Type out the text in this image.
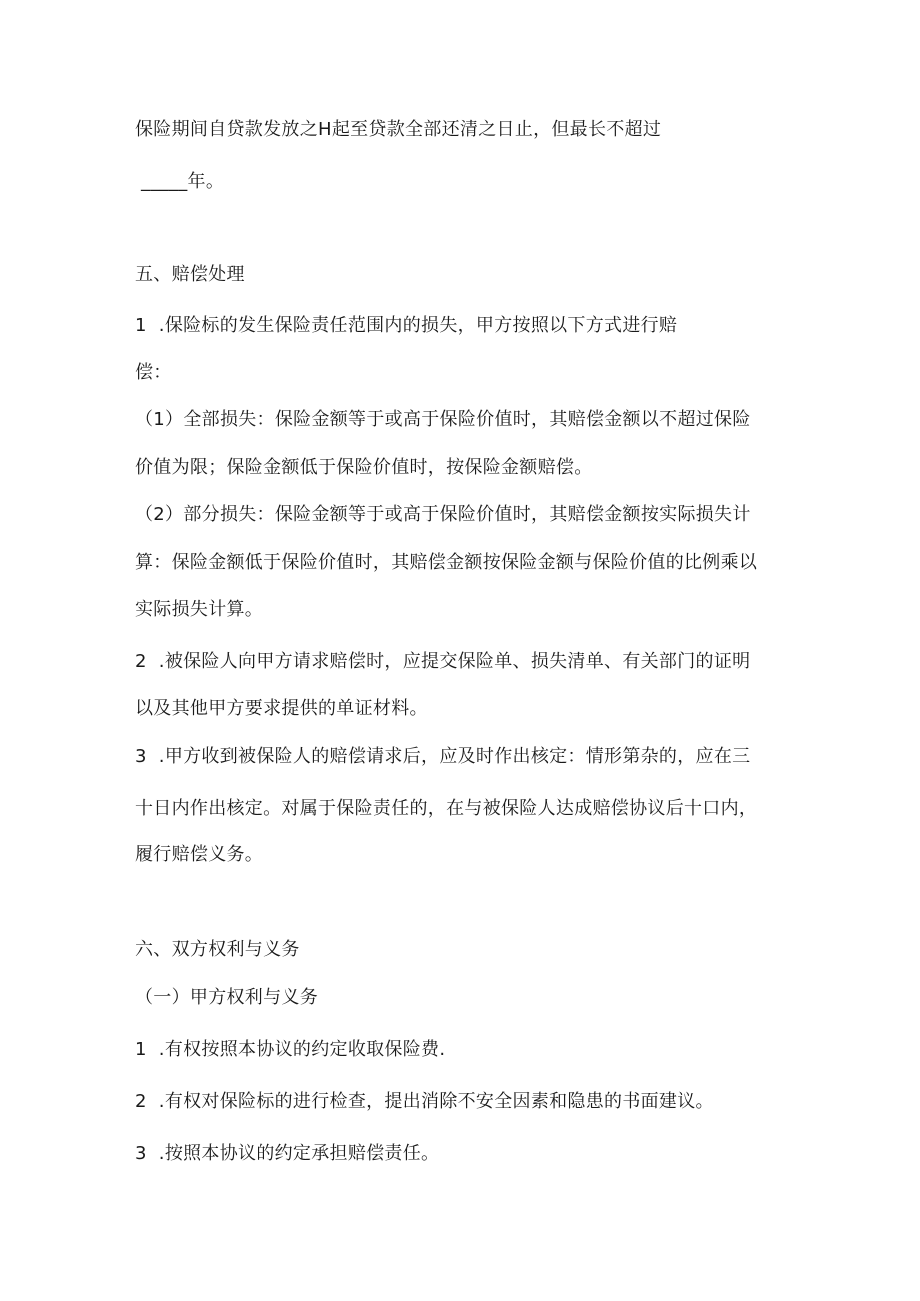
保险期间自贷款发放之H起至贷款全部还清之日止，但最长不超过
_____年。
五、赔偿处理
1  .保险标的发生保险责任范围内的损失，甲方按照以下方式进行赔
偿：
（1）全部损失：保险金额等于或高于保险价值时，其赔偿金额以不超过保险
价值为限；保险金额低于保险价值时，按保险金额赔偿。
（2）部分损失：保险金额等于或高于保险价值时，其赔偿金额按实际损失计
算：保险金额低于保险价值时，其赔偿金额按保险金额与保险价值的比例乘以
实际损失计算。
2  .被保险人向甲方请求赔偿时，应提交保险单、损失清单、有关部门的证明
以及其他甲方要求提供的单证材料。
3  .甲方收到被保险人的赔偿请求后，应及时作出核定：情形第杂的，应在三
十日内作出核定。对属于保险责任的，在与被保险人达成赔偿协议后十口内，
履行赔偿义务。
六、双方权利与义务
（一）甲方权利与义务
1  .有权按照本协议的约定收取保险费.
2  .有权对保险标的进行检查，提出消除不安全因素和隐患的书面建议。
3  .按照本协议的约定承担赔偿责任。
